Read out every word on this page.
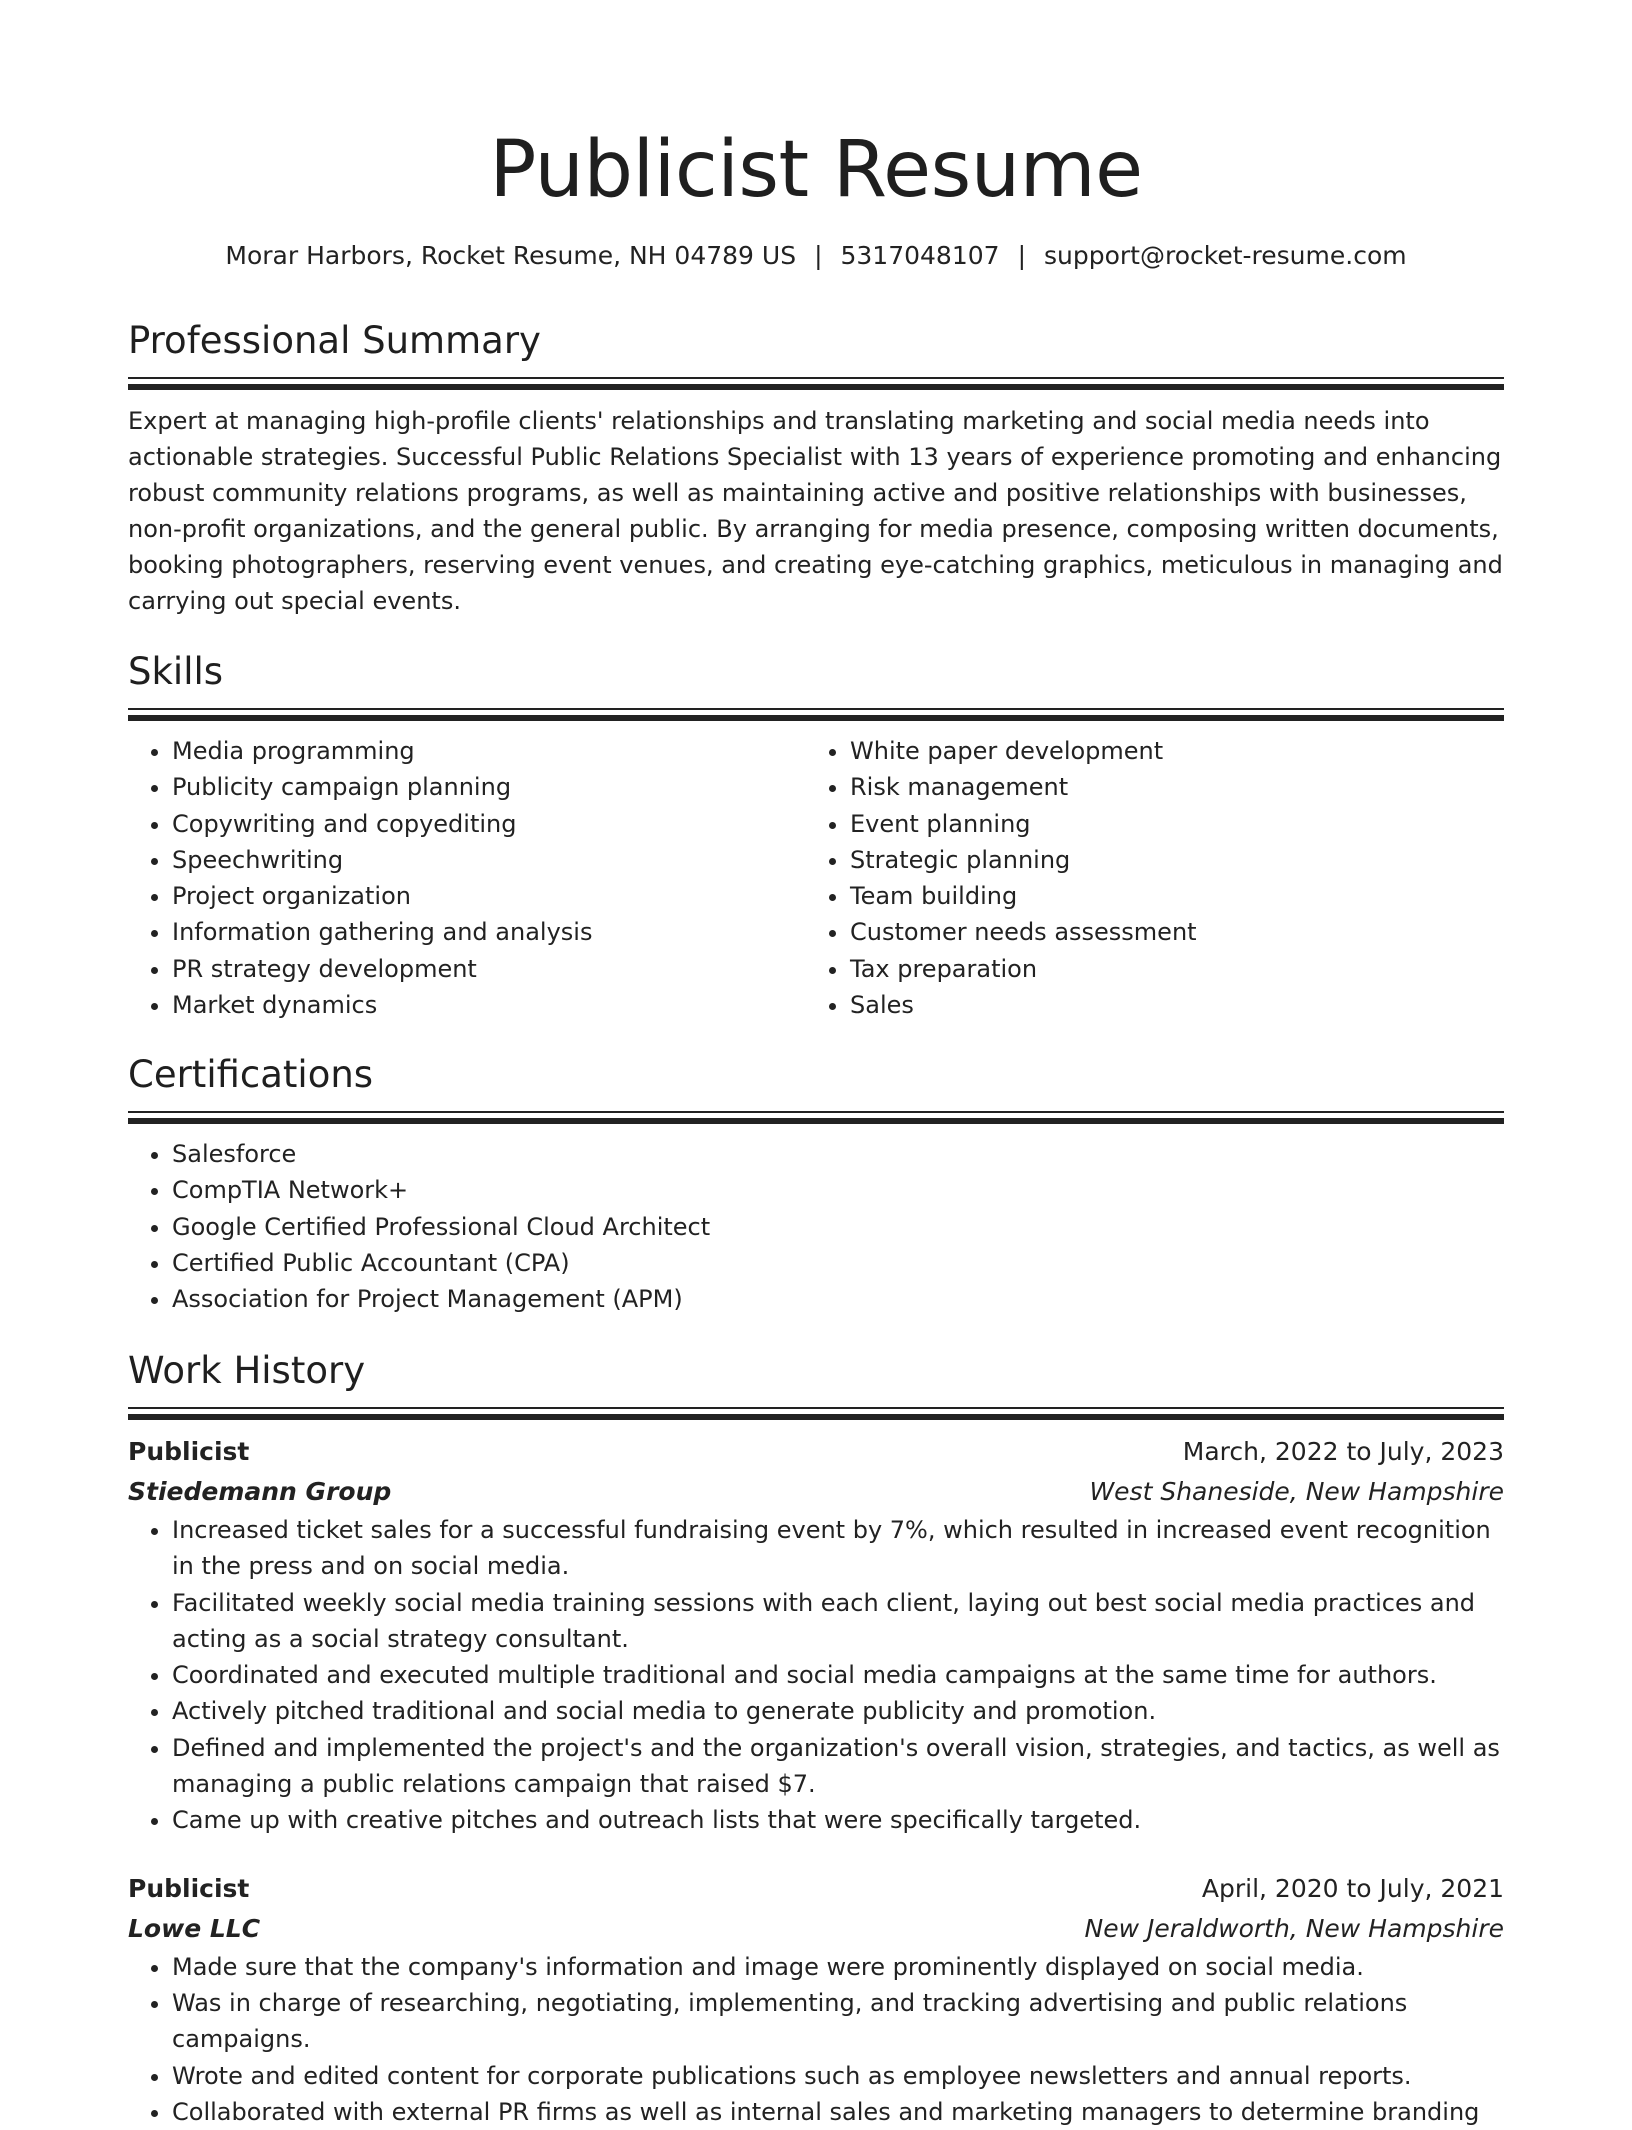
Publicist Resume
Morar Harbors, Rocket Resume, NH 04789 US | 5317048107 | support@rocket-resume.com
Professional Summary

Expert at managing high-profile clients' relationships and translating marketing and social media needs into actionable strategies. Successful Public Relations Specialist with 13 years of experience promoting and enhancing robust community relations programs, as well as maintaining active and positive relationships with businesses, non-profit organizations, and the general public. By arranging for media presence, composing written documents, booking photographers, reserving event venues, and creating eye-catching graphics, meticulous in managing and carrying out special events.

Skills
• Media programming
• Publicity campaign planning
• Copywriting and copyediting
• Speechwriting
• Project organization
• Information gathering and analysis
• PR strategy development
• Market dynamics
• White paper development
• Risk management
• Event planning
• Strategic planning
• Team building
• Customer needs assessment
• Tax preparation
• Sales
Certifications
• Salesforce
• CompTIA Network+
• Google Certified Professional Cloud Architect
• Certified Public Accountant (CPA)
• Association for Project Management (APM)
Work History
Publicist	March, 2022 to July, 2023
Stiedemann Group	West Shaneside, New Hampshire
• Increased ticket sales for a successful fundraising event by 7%, which resulted in increased event recognition in the press and on social media.
• Facilitated weekly social media training sessions with each client, laying out best social media practices and acting as a social strategy consultant.
• Coordinated and executed multiple traditional and social media campaigns at the same time for authors.
• Actively pitched traditional and social media to generate publicity and promotion.
• Defined and implemented the project's and the organization's overall vision, strategies, and tactics, as well as managing a public relations campaign that raised $7.
• Came up with creative pitches and outreach lists that were specifically targeted.
Publicist	April, 2020 to July, 2021
Lowe LLC	New Jeraldworth, New Hampshire
• Made sure that the company's information and image were prominently displayed on social media.
• Was in charge of researching, negotiating, implementing, and tracking advertising and public relations campaigns.
• Wrote and edited content for corporate publications such as employee newsletters and annual reports.
• Collaborated with external PR firms as well as internal sales and marketing managers to determine branding
